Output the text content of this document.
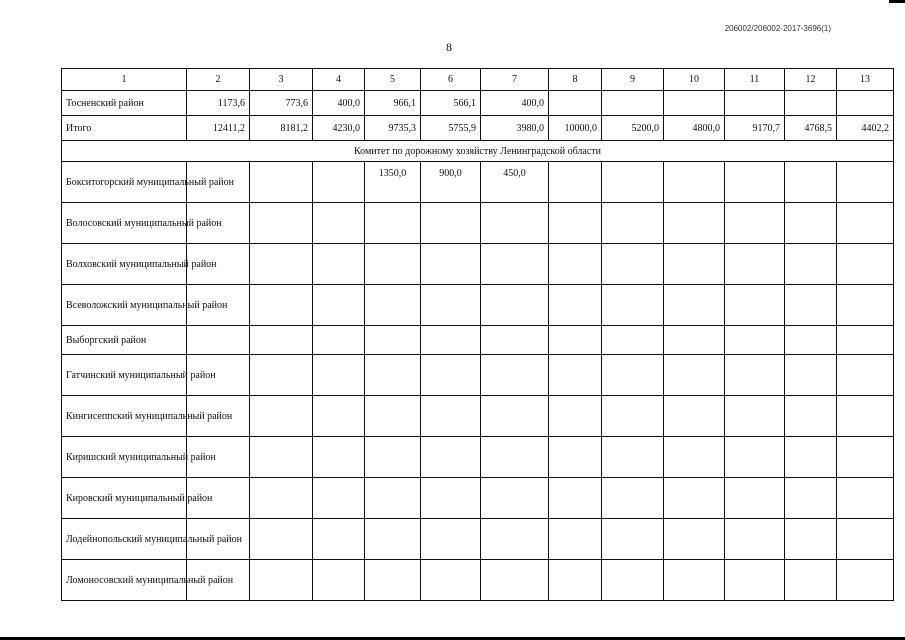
206002/206002-2017-3696(1)
8
1	2	3	4	5	6	7	8	9	10	11	12	13
Тосненский район	1173,6	773,6	400,0	966,1	566,1	400,0						
Итого	12411,2	8181,2	4230,0	9735,3	5755,9	3980,0	10000,0	5200,0	4800,0	9170,7	4768,5	4402,2
Комитет по дорожному хозяйству Ленинградской области												
Бокситогорский муниципальный район				1350,0	900,0	450,0						
Волосовский муниципальный район												
Волховский муниципальный район												
Всеволожский муниципальный район												
Выборгский район												
Гатчинский муниципальный район												
Кингисеппский муниципальный район												
Киришский муниципальный район												
Кировский муниципальный район												
Лодейнопольский муниципальный район												
Ломоносовский муниципальный район												
